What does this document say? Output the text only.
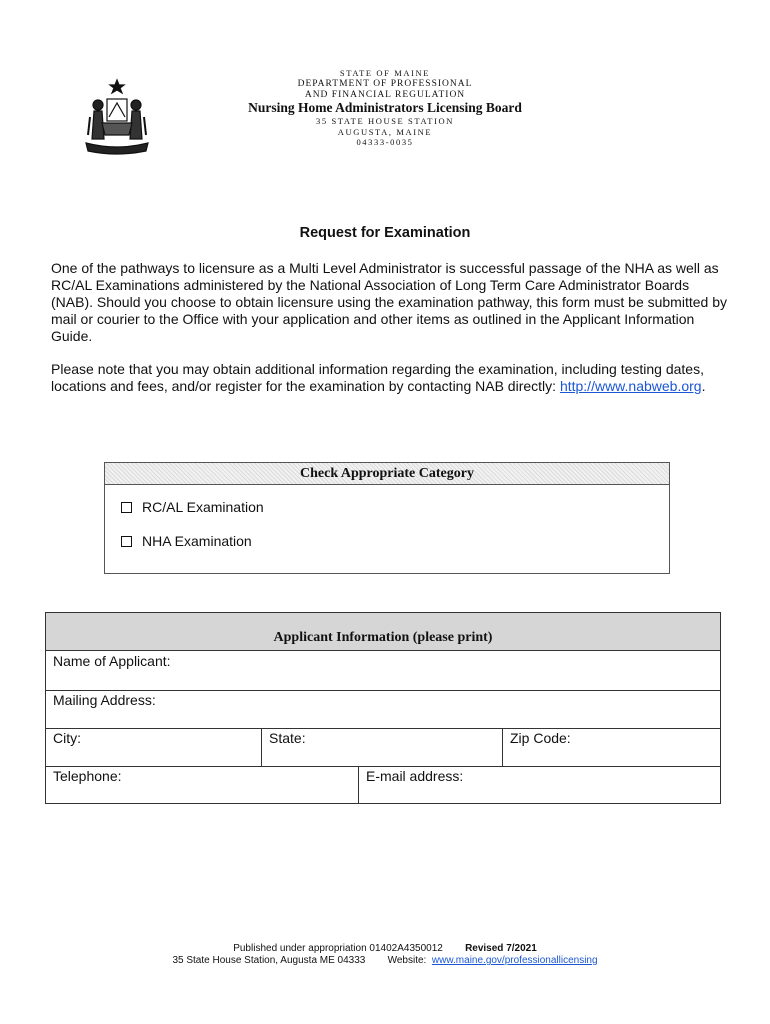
STATE OF MAINE
DEPARTMENT OF PROFESSIONAL
AND FINANCIAL REGULATION
Nursing Home Administrators Licensing Board
35 STATE HOUSE STATION
AUGUSTA, MAINE
04333-0035
Request for Examination

One of the pathways to licensure as a Multi Level Administrator is successful passage of the NHA as well as RC/AL Examinations administered by the National Association of Long Term Care Administrator Boards (NAB). Should you choose to obtain licensure using the examination pathway, this form must be submitted by mail or courier to the Office with your application and other items as outlined in the Applicant Information Guide.

Please note that you may obtain additional information regarding the examination, including testing dates, locations and fees, and/or register for the examination by contacting NAB directly: http://www.nabweb.org.

Check Appropriate Category
RC/AL Examination
NHA Examination
Applicant Information (please print)
Name of Applicant:
Mailing Address:
City:	State:	Zip Code:
Telephone:	E-mail address:
Published under appropriation 01402A4350012 Revised 7/2021
35 State House Station, Augusta ME 04333 Website: www.maine.gov/professionallicensing
